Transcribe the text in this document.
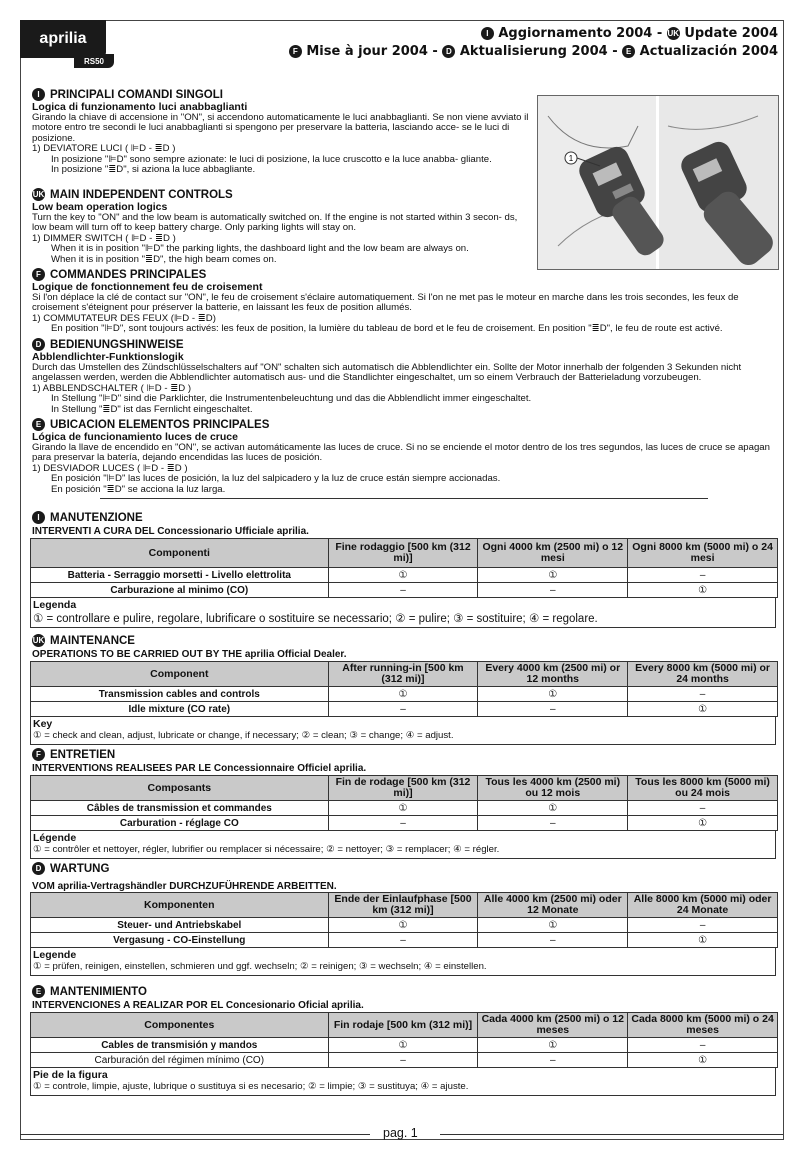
aprilia
RS50
I Aggiornamento 2004 - UK Update 2004
F Mise à jour 2004 - D Aktualisierung 2004 - E Actualización 2004
I PRINCIPALI COMANDI SINGOLI
Logica di funzionamento luci anabbaglianti
Girando la chiave di accensione in "ON", si accendono automaticamente le luci anabbaglianti. Se non viene avviato il motore entro tre secondi le luci anabbaglianti si spengono per preservare la batteria, lasciando acce- se le luci di posizione.
1) DEVIATORE LUCI ( ⊫D - ≣D )
In posizione "⊫D" sono sempre azionate: le luci di posizione, la luce cruscotto e la luce anabba- gliante.
In posizione "≣D", si aziona la luce abbagliante.
1
UK MAIN INDEPENDENT CONTROLS
Low beam operation logics
Turn the key to "ON" and the low beam is automatically switched on. If the engine is not started within 3 secon- ds, low beam will turn off to keep battery charge. Only parking lights will stay on.
1) DIMMER SWITCH ( ⊫D - ≣D )
When it is in position "⊫D" the parking lights, the dashboard light and the low beam are always on.
When it is in position "≣D", the high beam comes on.
F COMMANDES PRINCIPALES
Logique de fonctionnement feu de croisement
Si l'on déplace la clé de contact sur "ON", le feu de croisement s'éclaire automatiquement. Si l'on ne met pas le moteur en marche dans les trois secondes, les feux de croisement s'éteignent pour préserver la batterie, en laissant les feux de position allumés.
1) COMMUTATEUR DES FEUX (⊫D - ≣D)
En position "⊫D", sont toujours activés: les feux de position, la lumière du tableau de bord et le feu de croisement. En position "≣D", le feu de route est activé.
D BEDIENUNGSHINWEISE
Abblendlichter-Funktionslogik
Durch das Umstellen des Zündschlüsselschalters auf "ON" schalten sich automatisch die Abblendlichter ein. Sollte der Motor innerhalb der folgenden 3 Sekunden nicht angelassen werden, werden die Abblendlichter automatisch aus- und die Standlichter eingeschaltet, um so einem Verbrauch der Batterieladung vorzubeugen.
1) ABBLENDSCHALTER ( ⊫D - ≣D )
In Stellung "⊫D" sind die Parklichter, die Instrumentenbeleuchtung und das die Abblendlicht immer eingeschaltet.
In Stellung "≣D" ist das Fernlicht eingeschaltet.
E UBICACION ELEMENTOS PRINCIPALES
Lógica de funcionamiento luces de cruce
Girando la llave de encendido en "ON", se activan automáticamente las luces de cruce. Si no se enciende el motor dentro de los tres segundos, las luces de cruce se apagan para preservar la batería, dejando encendidas las luces de posición.
1) DESVIADOR LUCES ( ⊫D - ≣D )
En posición "⊫D" las luces de posición, la luz del salpicadero y la luz de cruce están siempre accionadas.
En posición "≣D" se acciona la luz larga.
I MANUTENZIONE
INTERVENTI A CURA DEL Concessionario Ufficiale aprilia.
Componenti	Fine rodaggio [500 km (312 mi)]	Ogni 4000 km (2500 mi) o 12 mesi	Ogni 8000 km (5000 mi) o 24 mesi
Batteria - Serraggio morsetti - Livello elettrolita	①	①	–
Carburazione al minimo (CO)	–	–	①
Legenda
① = controllare e pulire, regolare, lubrificare o sostituire se necessario; ② = pulire; ③ = sostituire; ④ = regolare.
UK MAINTENANCE
OPERATIONS TO BE CARRIED OUT BY THE aprilia Official Dealer.
Component	After running-in [500 km (312 mi)]	Every 4000 km (2500 mi) or 12 months	Every 8000 km (5000 mi) or 24 months
Transmission cables and controls	①	①	–
Idle mixture (CO rate)	–	–	①
Key
① = check and clean, adjust, lubricate or change, if necessary; ② = clean; ③ = change; ④ = adjust.
F ENTRETIEN
INTERVENTIONS REALISEES PAR LE Concessionnaire Officiel aprilia.
Composants	Fin de rodage [500 km (312 mi)]	Tous les 4000 km (2500 mi) ou 12 mois	Tous les 8000 km (5000 mi) ou 24 mois
Câbles de transmission et commandes	①	①	–
Carburation - réglage CO	–	–	①
Légende
① = contrôler et nettoyer, régler, lubrifier ou remplacer si nécessaire; ② = nettoyer; ③ = remplacer; ④ = régler.
D WARTUNG
VOM aprilia-Vertragshändler DURCHZUFÜHRENDE ARBEITTEN.
Komponenten	Ende der Einlaufphase [500 km (312 mi)]	Alle 4000 km (2500 mi) oder 12 Monate	Alle 8000 km (5000 mi) oder 24 Monate
Steuer- und Antriebskabel	①	①	–
Vergasung - CO-Einstellung	–	–	①
Legende
① = prüfen, reinigen, einstellen, schmieren und ggf. wechseln; ② = reinigen; ③ = wechseln; ④ = einstellen.
E MANTENIMIENTO
INTERVENCIONES A REALIZAR POR EL Concesionario Oficial aprilia.
Componentes	Fin rodaje [500 km (312 mi)]	Cada 4000 km (2500 mi) o 12 meses	Cada 8000 km (5000 mi) o 24 meses
Cables de transmisión y mandos	①	①	–
Carburación del régimen mínimo (CO)	–	–	①
Pie de la figura
① = controle, limpie, ajuste, lubrique o sustituya si es necesario; ② = limpie; ③ = sustituya; ④ = ajuste.
pag. 1
